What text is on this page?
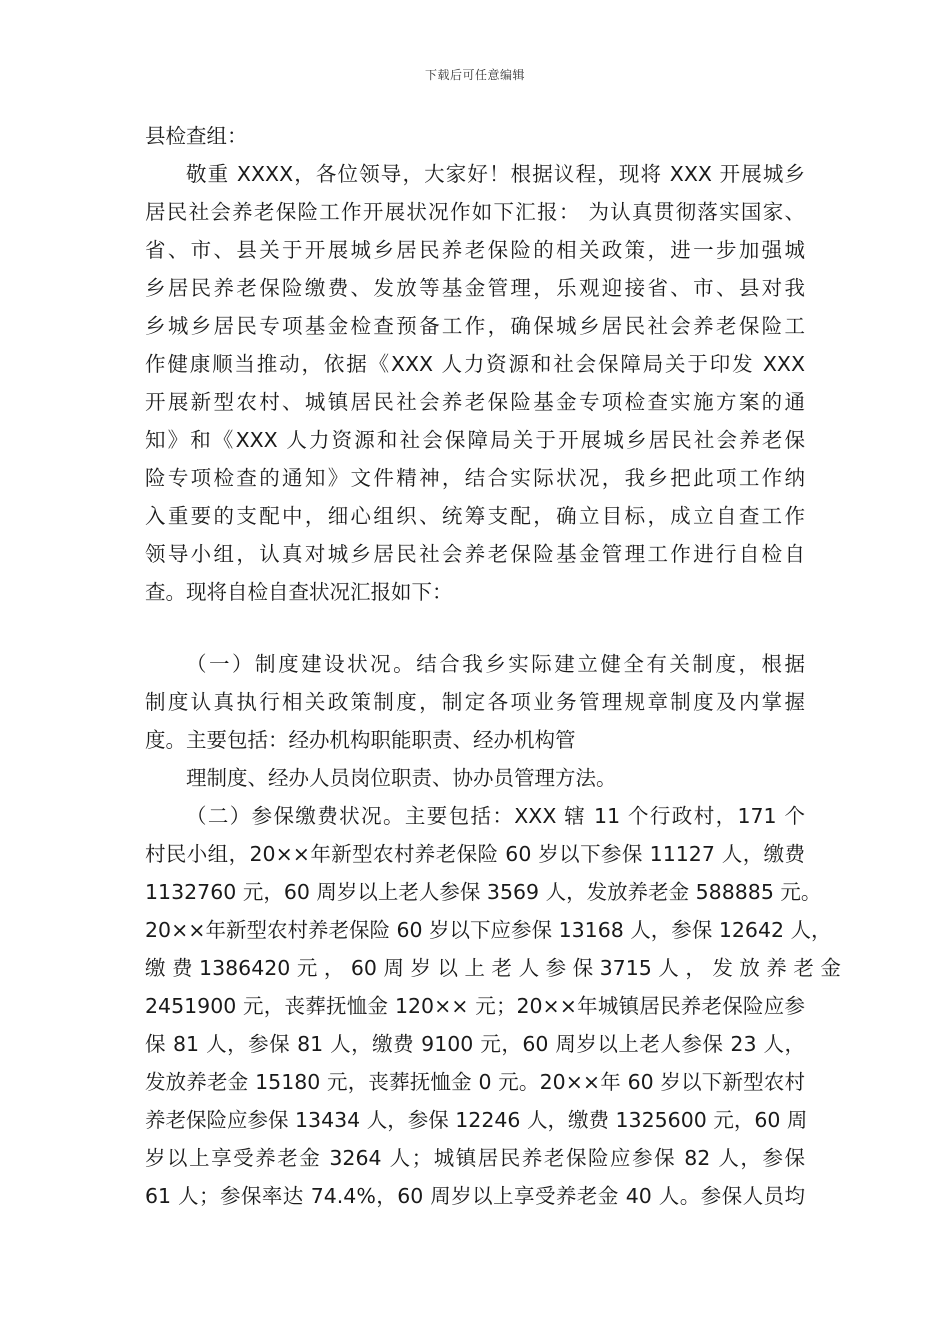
下载后可任意编辑
县检查组：
敬重 XXXX，各位领导，大家好！根据议程，现将 XXX 开展城乡
居民社会养老保险工作开展状况作如下汇报： 为认真贯彻落实国家、
省、市、县关于开展城乡居民养老保险的相关政策，进一步加强城
乡居民养老保险缴费、发放等基金管理，乐观迎接省、市、县对我
乡城乡居民专项基金检查预备工作，确保城乡居民社会养老保险工
作健康顺当推动，依据《XXX 人力资源和社会保障局关于印发 XXX
开展新型农村、城镇居民社会养老保险基金专项检查实施方案的通
知》和《XXX 人力资源和社会保障局关于开展城乡居民社会养老保
险专项检查的通知》文件精神，结合实际状况，我乡把此项工作纳
入重要的支配中，细心组织、统筹支配，确立目标，成立自查工作
领导小组，认真对城乡居民社会养老保险基金管理工作进行自检自
查。现将自检自查状况汇报如下：
（一）制度建设状况。结合我乡实际建立健全有关制度，根据
制度认真执行相关政策制度，制定各项业务管理规章制度及内掌握
度。主要包括：经办机构职能职责、经办机构管
理制度、经办人员岗位职责、协办员管理方法。
（二）参保缴费状况。主要包括：XXX 辖 11 个行政村，171 个
村民小组，20××年新型农村养老保险 60 岁以下参保 11127 人，缴费
1132760 元，60 周岁以上老人参保 3569 人，发放养老金 588885 元。
20××年新型农村养老保险 60 岁以下应参保 13168 人，参保 12642 人，
缴 费 1386420 元 ， 60 周 岁 以 上 老 人 参 保 3715 人 ， 发 放 养 老 金
2451900 元，丧葬抚恤金 120×× 元；20××年城镇居民养老保险应参
保 81 人，参保 81 人，缴费 9100 元，60 周岁以上老人参保 23 人，
发放养老金 15180 元，丧葬抚恤金 0 元。20××年 60 岁以下新型农村
养老保险应参保 13434 人，参保 12246 人，缴费 1325600 元，60 周
岁以上享受养老金 3264 人；城镇居民养老保险应参保 82 人，参保
61 人；参保率达 74.4%，60 周岁以上享受养老金 40 人。参保人员均
